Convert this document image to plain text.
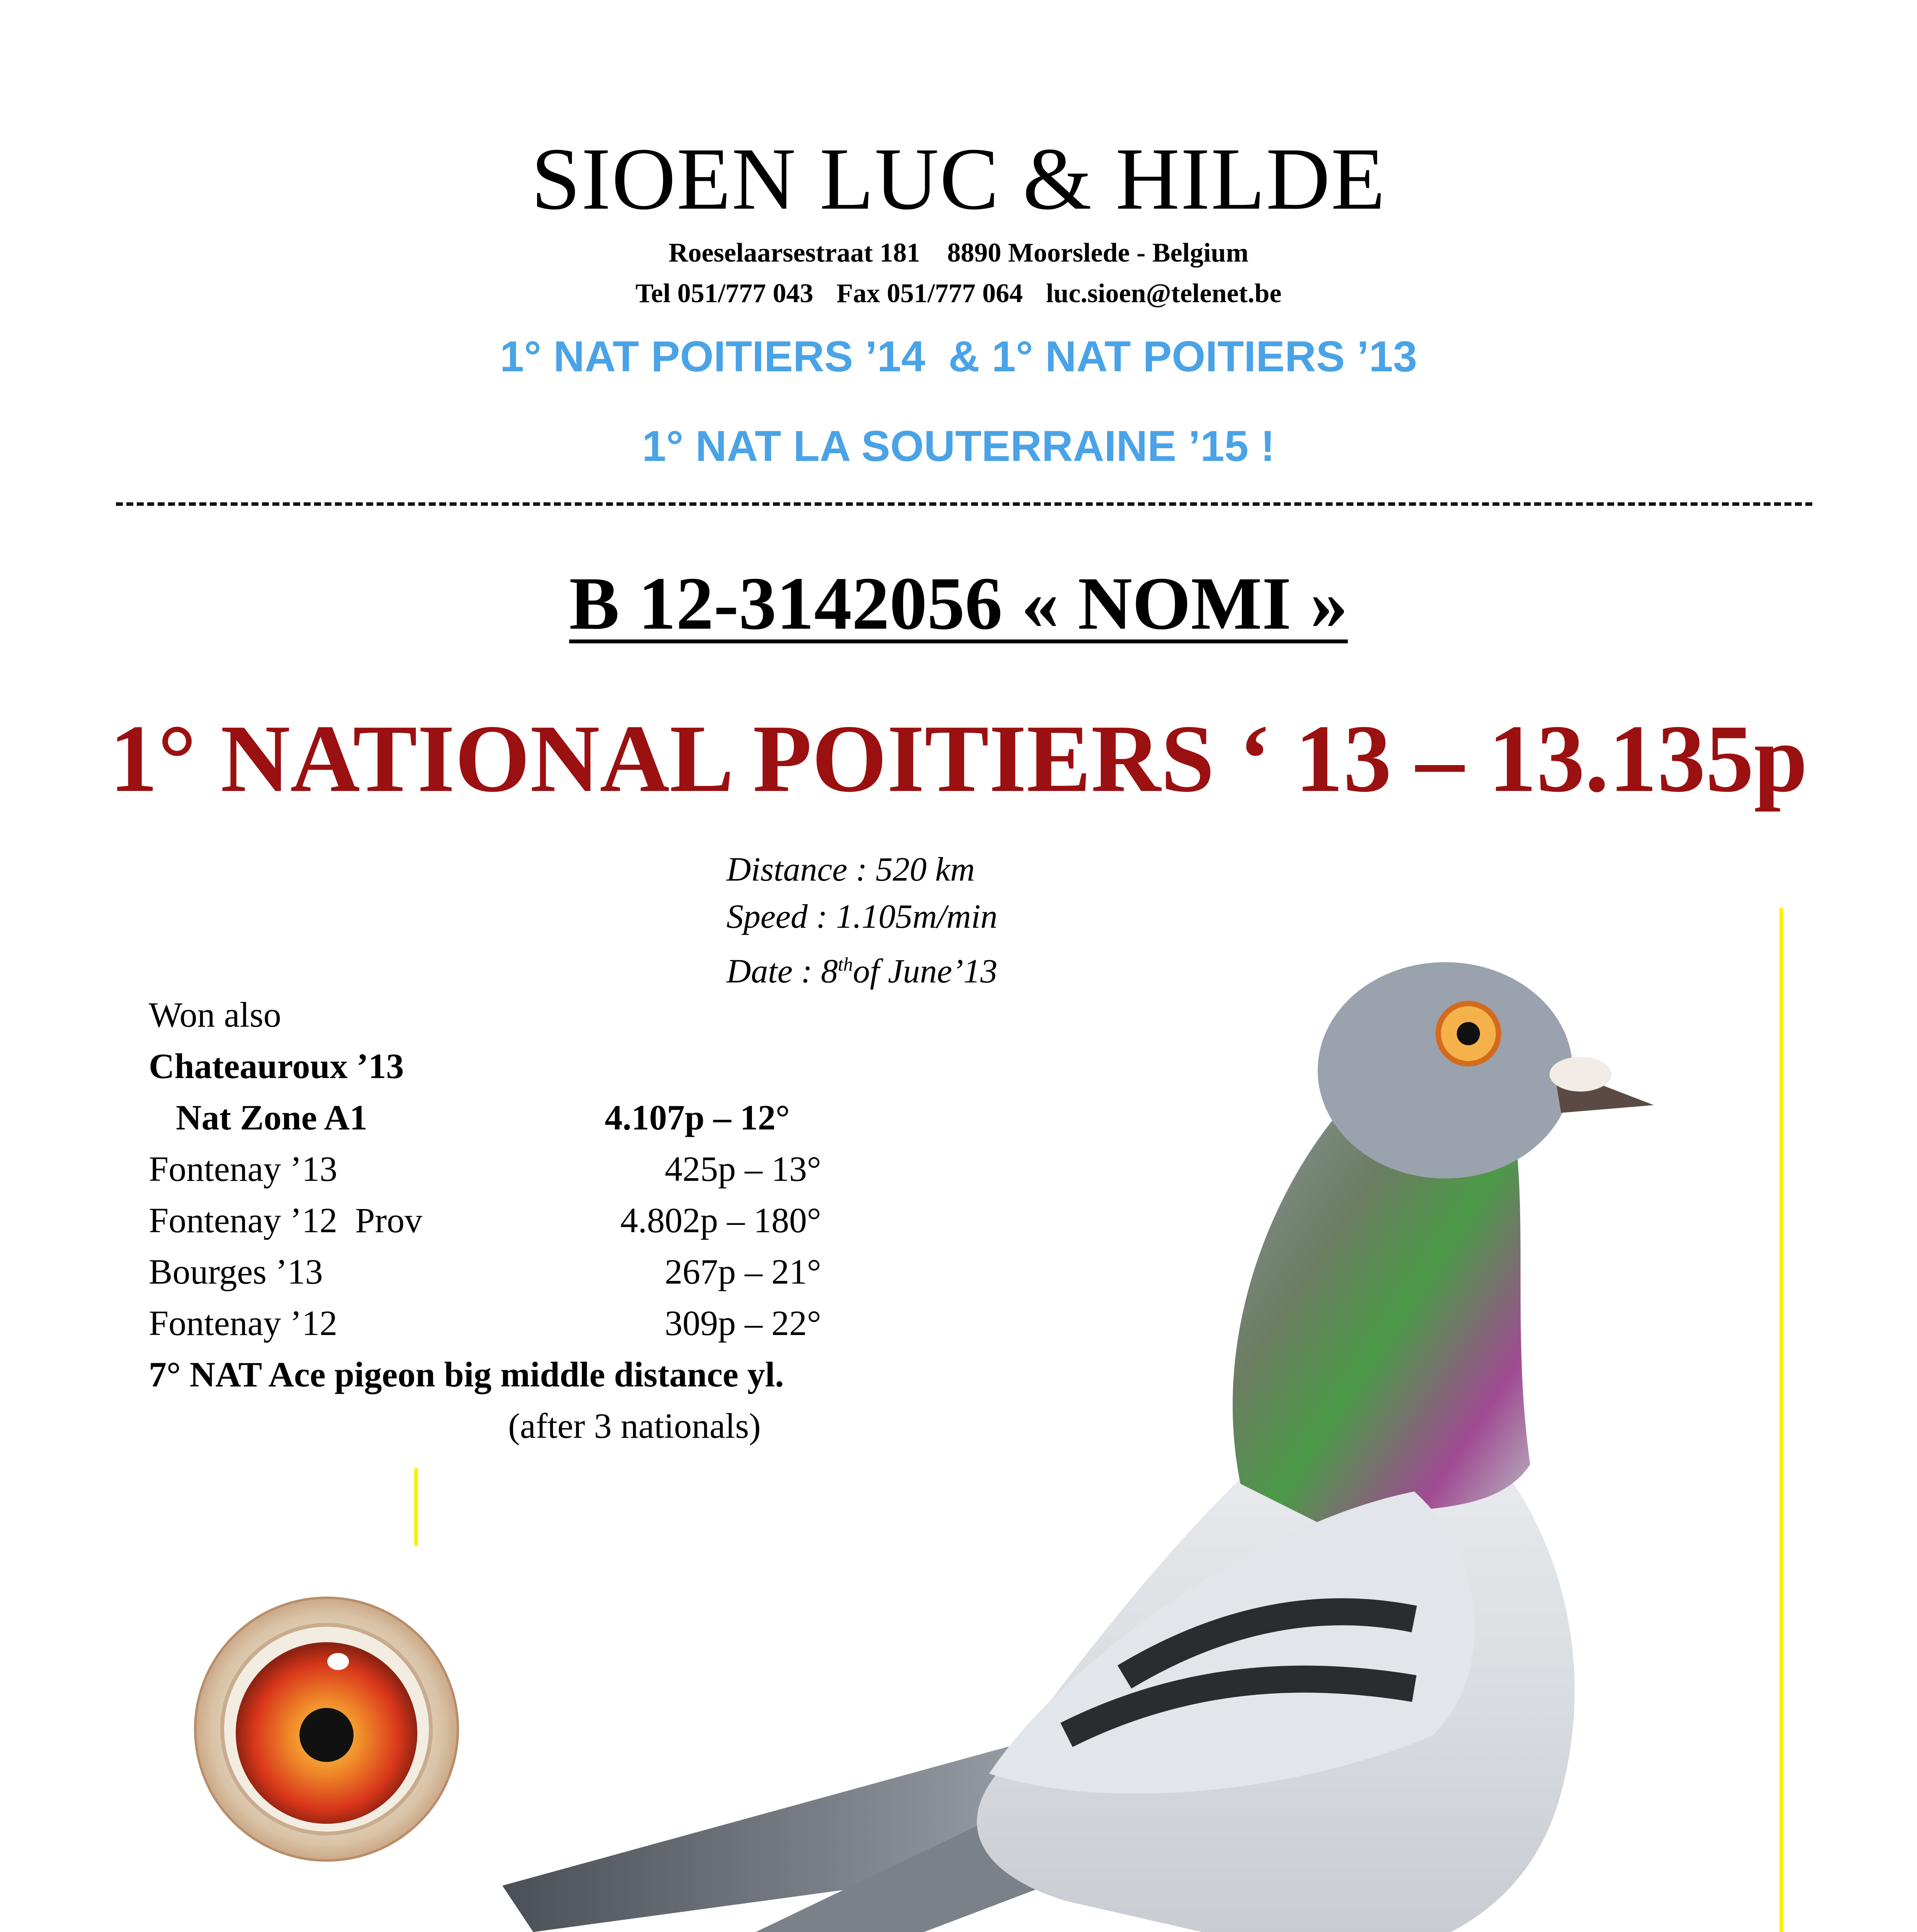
SIOEN LUC & HILDE
Roeselaarsestraat 181    8890 Moorslede - Belgium
Tel 051/777 043 Fax 051/777 064 luc.sioen@telenet.be
1° NAT POITIERS ’14 & 1° NAT POITIERS ’13
1° NAT LA SOUTERRAINE ’15 !
B 12-3142056 « NOMI »
1° NATIONAL POITIERS ‘ 13 – 13.135p
Distance : 520 km
Speed : 1.105m/min
Date : 8thof June’13
Won also
Chateauroux ’13
Nat Zone A1	4.107p – 12°
Fontenay ’13	425p – 13°
Fontenay ’12  Prov	4.802p – 180°
Bourges ’13	267p – 21°
Fontenay ’12	309p – 22°
7° NAT Ace pigeon big middle distance yl.
(after 3 nationals)
